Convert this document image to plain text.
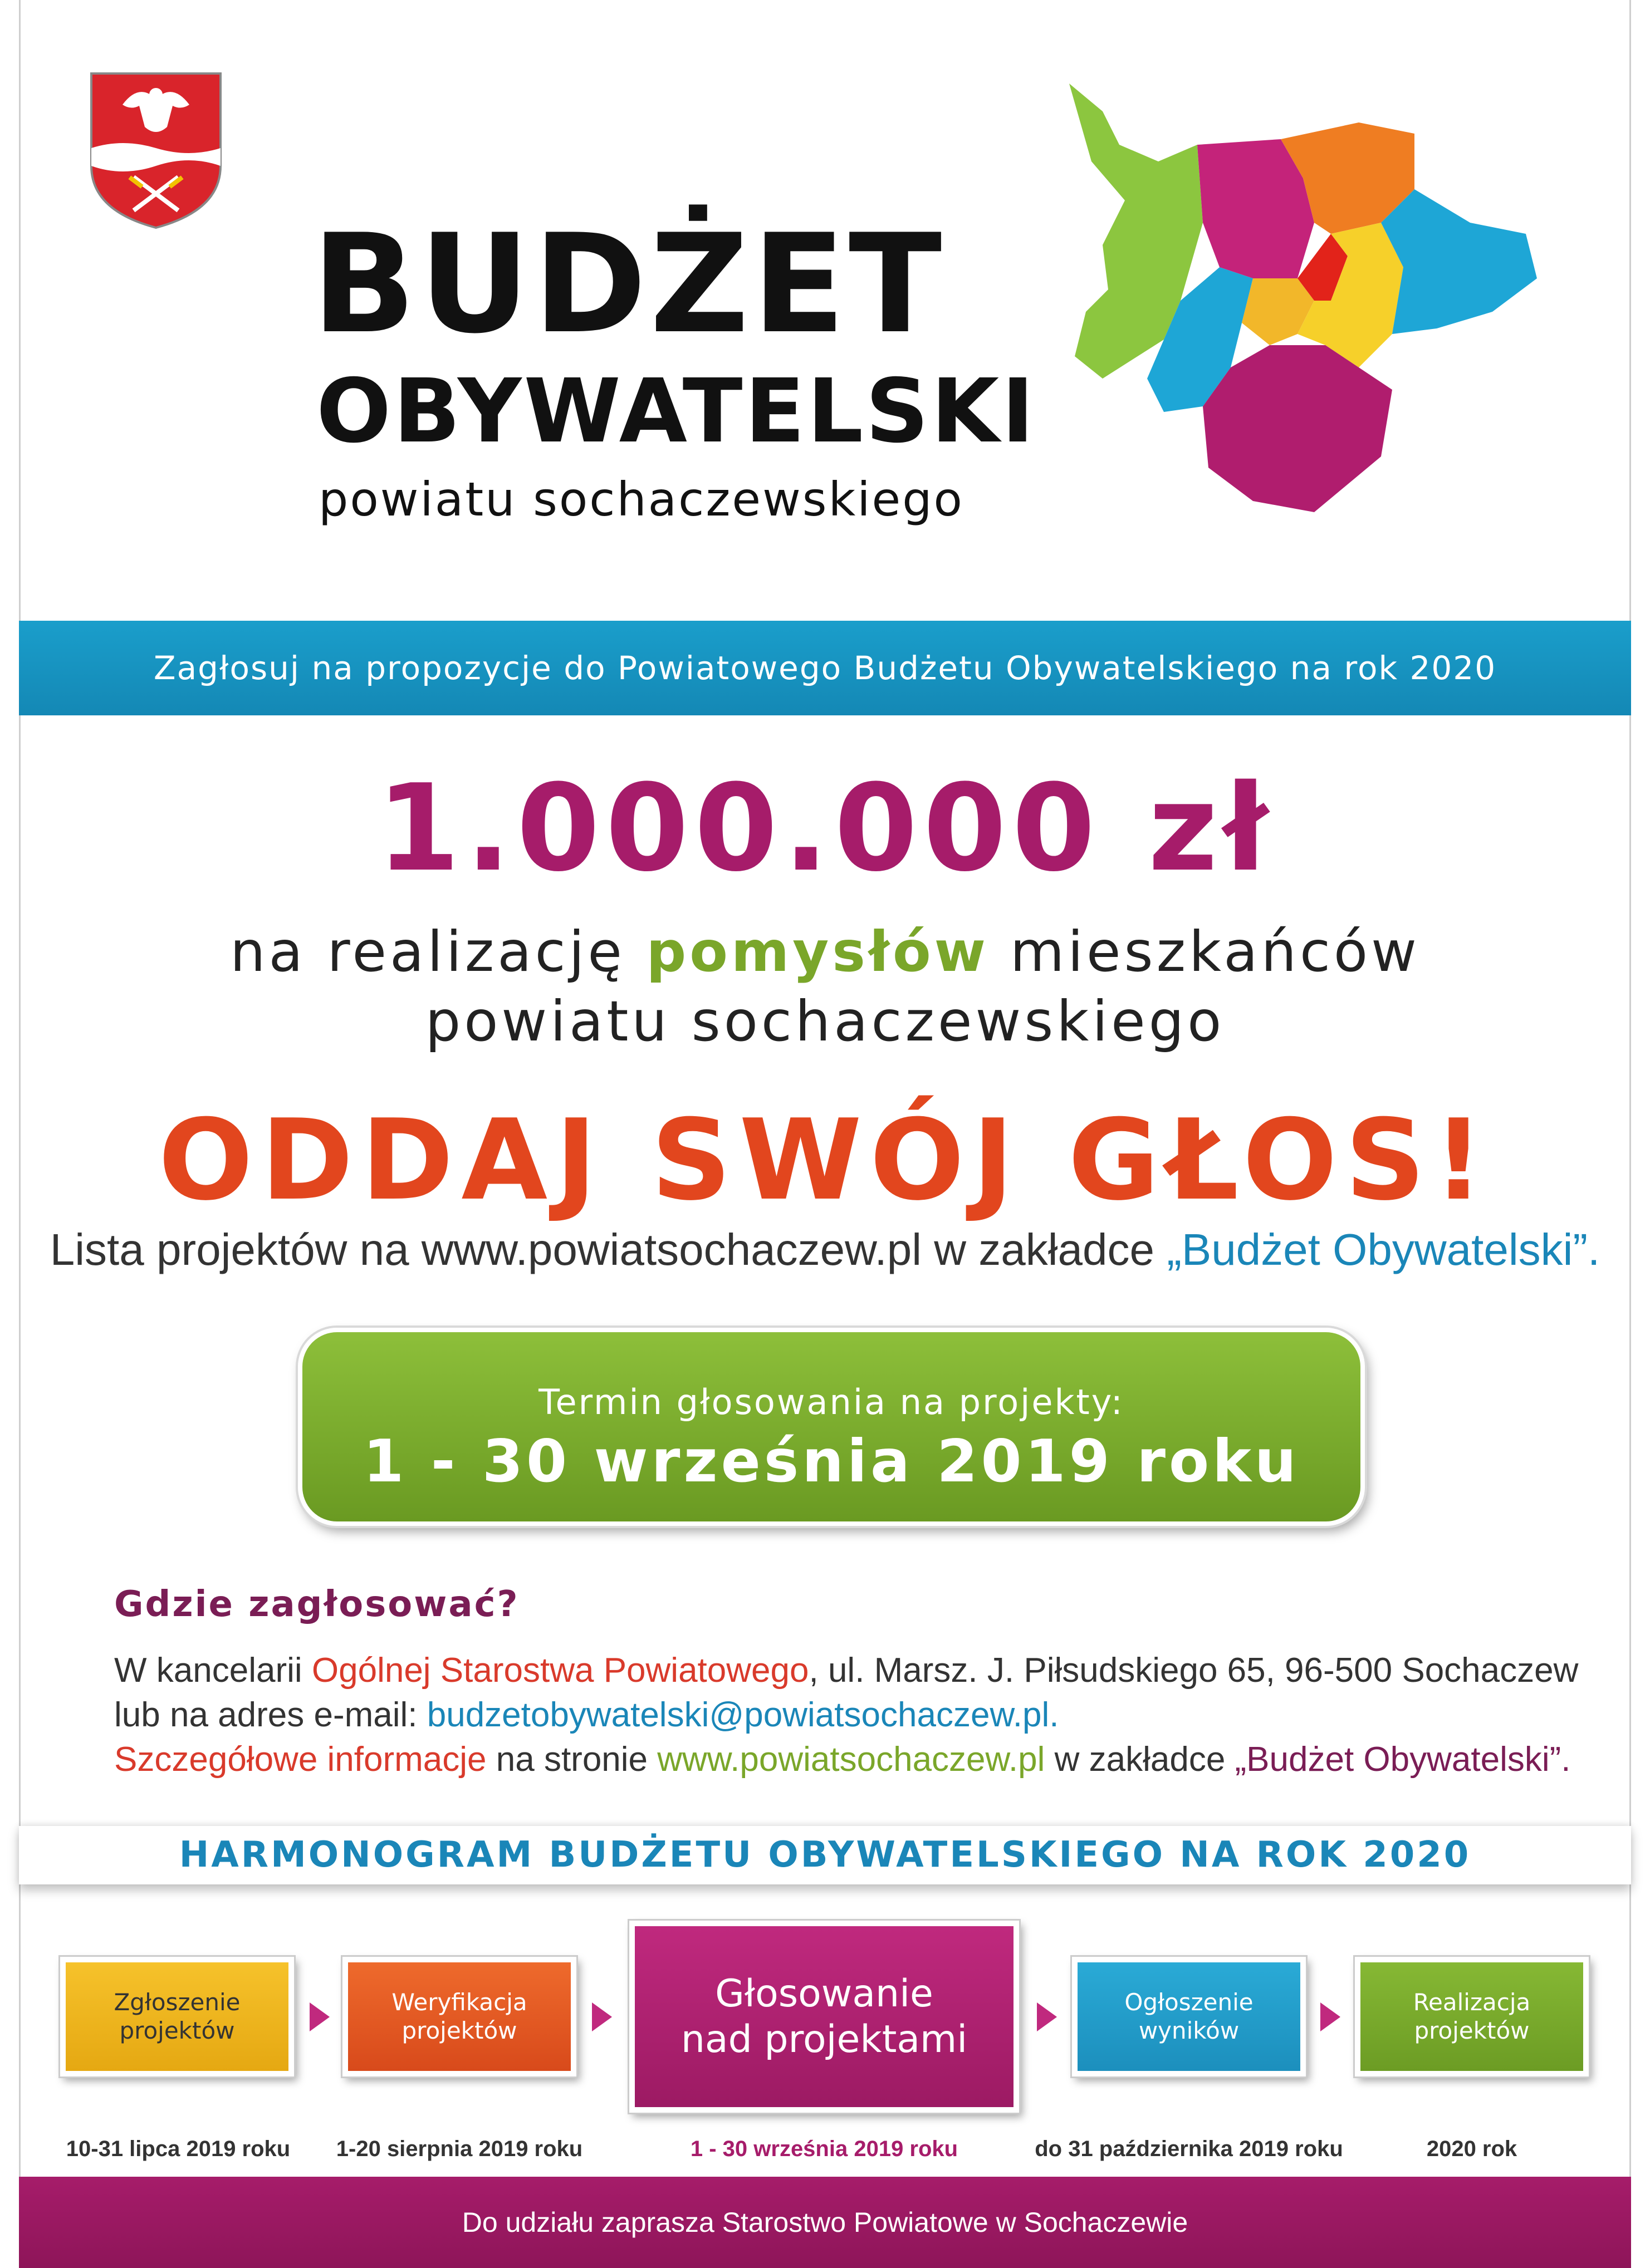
BUDŻET
OBYWATELSKI
powiatu sochaczewskiego
Zagłosuj na propozycje do Powiatowego Budżetu Obywatelskiego na rok 2020
1.000.000 zł
na realizację pomysłów mieszkańców
powiatu sochaczewskiego
ODDAJ SWÓJ GŁOS!
Lista projektów na www.powiatsochaczew.pl w zakładce „Budżet Obywatelski”.
Termin głosowania na projekty:
1 - 30 września 2019 roku
Gdzie zagłosować?
W kancelarii Ogólnej Starostwa Powiatowego, ul. Marsz. J. Piłsudskiego 65, 96-500 Sochaczew
lub na adres e-mail: budzetobywatelski@powiatsochaczew.pl.
Szczegółowe informacje na stronie www.powiatsochaczew.pl w zakładce „Budżet Obywatelski”.
HARMONOGRAM BUDŻETU OBYWATELSKIEGO NA ROK 2020
Zgłoszenie
projektów
Weryfikacja
projektów
Głosowanie
nad projektami
Ogłoszenie
wyników
Realizacja
projektów
10-31 lipca 2019 roku	1-20 sierpnia 2019 roku	1 - 30 września 2019 roku	do 31 października 2019 roku	2020 rok
Do udziału zaprasza Starostwo Powiatowe w Sochaczewie
